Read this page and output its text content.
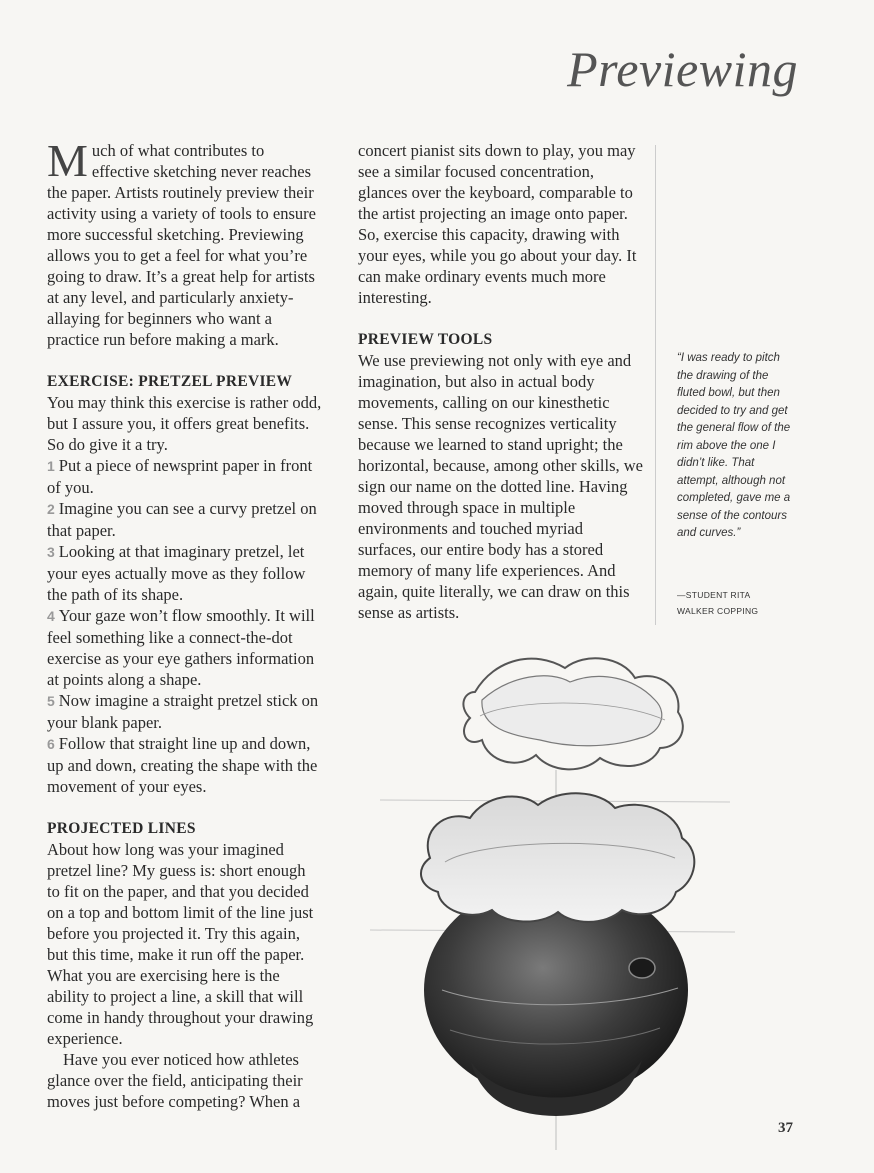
Previewing

Much of what contributes to effective sketching never reaches the paper. Artists routinely preview their activity using a variety of tools to ensure more successful sketching. Previewing allows you to get a feel for what you’re going to draw. It’s a great help for artists at any level, and particularly anxiety-allaying for beginners who want a practice run before making a mark.

EXERCISE: PRETZEL PREVIEW

You may think this exercise is rather odd, but I assure you, it offers great benefits. So do give it a try.

1 Put a piece of newsprint paper in front of you.

2 Imagine you can see a curvy pretzel on that paper.

3 Looking at that imaginary pretzel, let your eyes actually move as they follow the path of its shape.

4 Your gaze won’t flow smoothly. It will feel something like a connect-the-dot exercise as your eye gathers information at points along a shape.

5 Now imagine a straight pretzel stick on your blank paper.

6 Follow that straight line up and down, up and down, creating the shape with the movement of your eyes.

PROJECTED LINES

About how long was your imagined pretzel line? My guess is: short enough to fit on the paper, and that you decided on a top and bottom limit of the line just before you projected it. Try this again, but this time, make it run off the paper. What you are exercising here is the ability to project a line, a skill that will come in handy throughout your drawing experience.

Have you ever noticed how athletes glance over the field, anticipating their moves just before competing? When a

concert pianist sits down to play, you may see a similar focused concentration, glances over the keyboard, comparable to the artist projecting an image onto paper. So, exercise this capacity, drawing with your eyes, while you go about your day. It can make ordinary events much more interesting.

PREVIEW TOOLS

We use previewing not only with eye and imagination, but also in actual body movements, calling on our kinesthetic sense. This sense recognizes verticality because we learned to stand upright; the horizontal, because, among other skills, we sign our name on the dotted line. Having moved through space in multiple environments and touched myriad surfaces, our entire body has a stored memory of many life experiences. And again, quite literally, we can draw on this sense as artists.

“I was ready to pitch the drawing of the fluted bowl, but then decided to try and get the general flow of the rim above the one I didn’t like. That attempt, although not completed, gave me a sense of the contours and curves.”
—STUDENT RITA
WALKER COPPING
37
